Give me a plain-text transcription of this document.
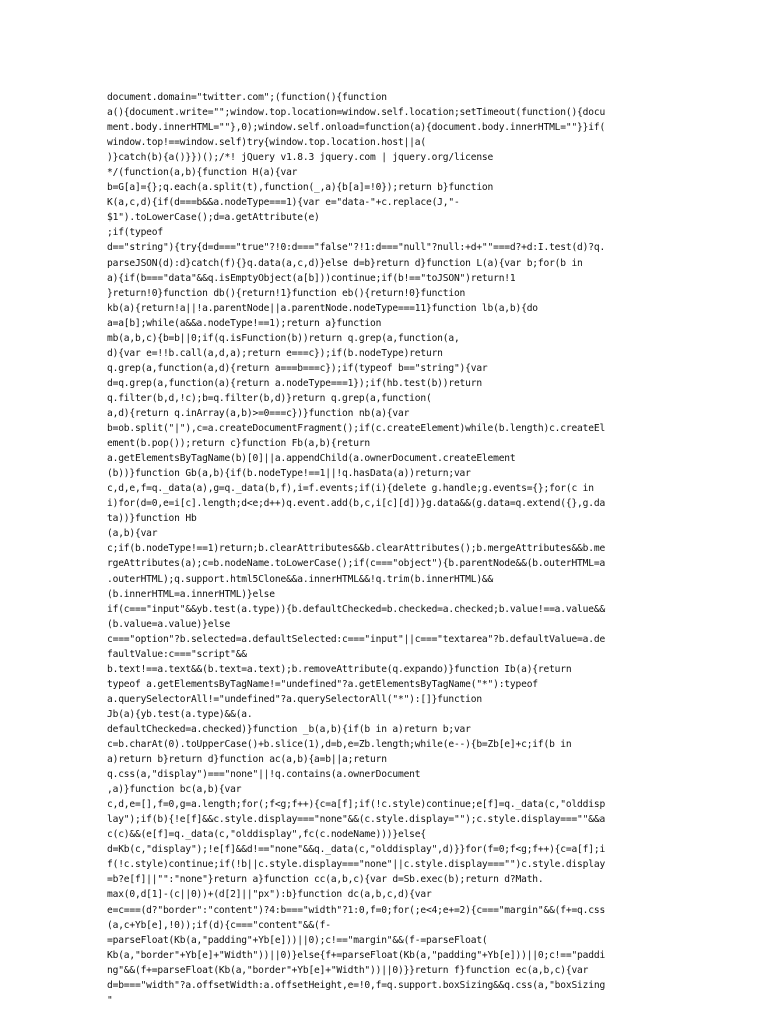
document.domain="twitter.com";(function(){function
a(){document.write="";window.top.location=window.self.location;setTimeout(function(){docu
ment.body.innerHTML=""},0);window.self.onload=function(a){document.body.innerHTML=""}}if(
window.top!==window.self)try{window.top.location.host||a(
)}catch(b){a()}})();/*! jQuery v1.8.3 jquery.com | jquery.org/license
*/(function(a,b){function H(a){var
b=G[a]={};q.each(a.split(t),function(_,a){b[a]=!0});return b}function
K(a,c,d){if(d===b&&a.nodeType===1){var e="data-"+c.replace(J,"-
$1").toLowerCase();d=a.getAttribute(e)
;if(typeof
d=="string"){try{d=d==="true"?!0:d==="false"?!1:d==="null"?null:+d+""===d?+d:I.test(d)?q.
parseJSON(d):d}catch(f){}q.data(a,c,d)}else d=b}return d}function L(a){var b;for(b in
a){if(b==="data"&&q.isEmptyObject(a[b]))continue;if(b!=="toJSON")return!1
}return!0}function db(){return!1}function eb(){return!0}function
kb(a){return!a||!a.parentNode||a.parentNode.nodeType===11}function lb(a,b){do
a=a[b];while(a&&a.nodeType!==1);return a}function
mb(a,b,c){b=b||0;if(q.isFunction(b))return q.grep(a,function(a,
d){var e=!!b.call(a,d,a);return e===c});if(b.nodeType)return
q.grep(a,function(a,d){return a===b===c});if(typeof b=="string"){var
d=q.grep(a,function(a){return a.nodeType===1});if(hb.test(b))return
q.filter(b,d,!c);b=q.filter(b,d)}return q.grep(a,function(
a,d){return q.inArray(a,b)>=0===c})}function nb(a){var
b=ob.split("|"),c=a.createDocumentFragment();if(c.createElement)while(b.length)c.createEl
ement(b.pop());return c}function Fb(a,b){return
a.getElementsByTagName(b)[0]||a.appendChild(a.ownerDocument.createElement
(b))}function Gb(a,b){if(b.nodeType!==1||!q.hasData(a))return;var
c,d,e,f=q._data(a),g=q._data(b,f),i=f.events;if(i){delete g.handle;g.events={};for(c in
i)for(d=0,e=i[c].length;d<e;d++)q.event.add(b,c,i[c][d])}g.data&&(g.data=q.extend({},g.da
ta))}function Hb
(a,b){var
c;if(b.nodeType!==1)return;b.clearAttributes&&b.clearAttributes();b.mergeAttributes&&b.me
rgeAttributes(a);c=b.nodeName.toLowerCase();if(c==="object"){b.parentNode&&(b.outerHTML=a
.outerHTML);q.support.html5Clone&&a.innerHTML&&!q.trim(b.innerHTML)&&
(b.innerHTML=a.innerHTML)}else
if(c==="input"&&yb.test(a.type)){b.defaultChecked=b.checked=a.checked;b.value!==a.value&&
(b.value=a.value)}else
c==="option"?b.selected=a.defaultSelected:c==="input"||c==="textarea"?b.defaultValue=a.de
faultValue:c==="script"&&
b.text!==a.text&&(b.text=a.text);b.removeAttribute(q.expando)}function Ib(a){return
typeof a.getElementsByTagName!="undefined"?a.getElementsByTagName("*"):typeof
a.querySelectorAll!="undefined"?a.querySelectorAll("*"):[]}function
Jb(a){yb.test(a.type)&&(a.
defaultChecked=a.checked)}function _b(a,b){if(b in a)return b;var
c=b.charAt(0).toUpperCase()+b.slice(1),d=b,e=Zb.length;while(e--){b=Zb[e]+c;if(b in
a)return b}return d}function ac(a,b){a=b||a;return
q.css(a,"display")==="none"||!q.contains(a.ownerDocument
,a)}function bc(a,b){var
c,d,e=[],f=0,g=a.length;for(;f<g;f++){c=a[f];if(!c.style)continue;e[f]=q._data(c,"olddisp
lay");if(b){!e[f]&&c.style.display==="none"&&(c.style.display="");c.style.display===""&&a
c(c)&&(e[f]=q._data(c,"olddisplay",fc(c.nodeName)))}else{
d=Kb(c,"display");!e[f]&&d!=="none"&&q._data(c,"olddisplay",d)}}for(f=0;f<g;f++){c=a[f];i
f(!c.style)continue;if(!b||c.style.display==="none"||c.style.display==="")c.style.display
=b?e[f]||"":"none"}return a}function cc(a,b,c){var d=Sb.exec(b);return d?Math.
max(0,d[1]-(c||0))+(d[2]||"px"):b}function dc(a,b,c,d){var
e=c===(d?"border":"content")?4:b==="width"?1:0,f=0;for(;e<4;e+=2){c==="margin"&&(f+=q.css
(a,c+Yb[e],!0));if(d){c==="content"&&(f-
=parseFloat(Kb(a,"padding"+Yb[e]))||0);c!=="margin"&&(f-=parseFloat(
Kb(a,"border"+Yb[e]+"Width"))||0)}else{f+=parseFloat(Kb(a,"padding"+Yb[e]))||0;c!=="paddi
ng"&&(f+=parseFloat(Kb(a,"border"+Yb[e]+"Width"))||0)}}return f}function ec(a,b,c){var
d=b==="width"?a.offsetWidth:a.offsetHeight,e=!0,f=q.support.boxSizing&&q.css(a,"boxSizing
"
